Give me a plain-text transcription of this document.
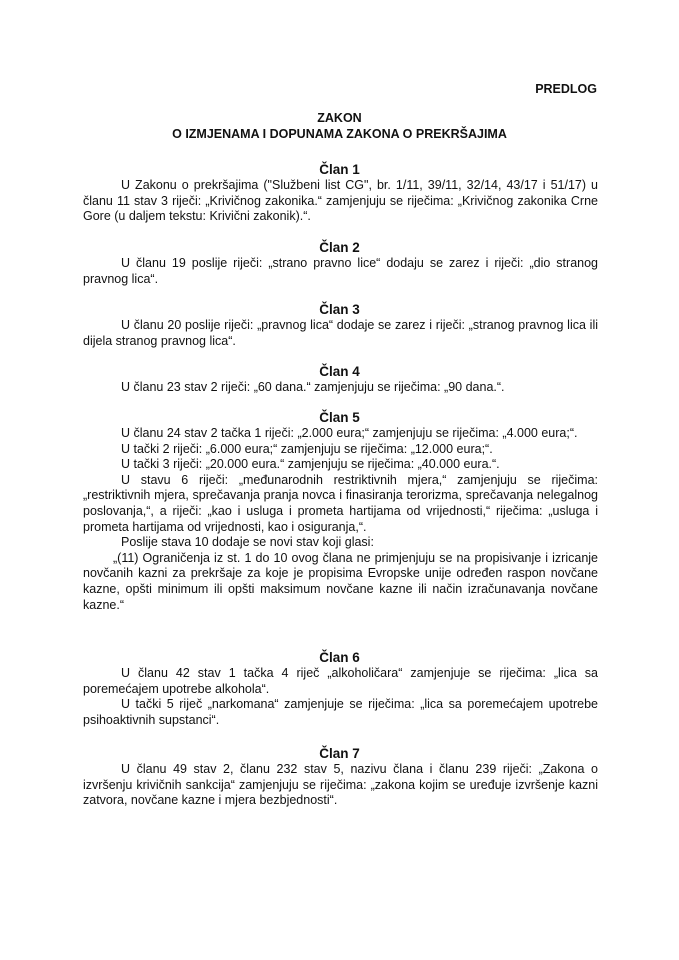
PREDLOG
ZAKON
O IZMJENAMA I DOPUNAMA ZAKONA O PREKRŠAJIMA
Član 1

U Zakonu o prekršajima ("Službeni list CG", br. 1/11, 39/11, 32/14, 43/17 i 51/17) u članu 11 stav 3 riječi: „Krivičnog zakonika.“ zamjenjuju se riječima: „Krivičnog zakonika Crne Gore (u daljem tekstu: Krivični zakonik).“.

Član 2

U članu 19 poslije riječi: „strano pravno lice“ dodaju se zarez i riječi: „dio stranog pravnog lica“.

Član 3

U članu 20 poslije riječi: „pravnog lica“ dodaje se zarez i riječi: „stranog pravnog lica ili dijela stranog pravnog lica“.

Član 4

U članu 23 stav 2 riječi: „60 dana.“ zamjenjuju se riječima: „90 dana.“.

Član 5

U članu 24 stav 2 tačka 1 riječi: „2.000 eura;“ zamjenjuju se riječima: „4.000 eura;“.

U tački 2 riječi: „6.000 eura;“ zamjenjuju se riječima: „12.000 eura;“.

U tački 3 riječi: „20.000 eura.“ zamjenjuju se riječima: „40.000 eura.“.

U stavu 6 riječi: „međunarodnih restriktivnih mjera,“ zamjenjuju se riječima: „restriktivnih mjera, sprečavanja pranja novca i finasiranja terorizma, sprečavanja nelegalnog poslovanja,“, a riječi: „kao i usluga i prometa hartijama od vrijednosti,“ riječima: „usluga i prometa hartijama od vrijednosti, kao i osiguranja,“.

Poslije stava 10 dodaje se novi stav koji glasi:

„(11) Ograničenja iz st. 1 do 10 ovog člana ne primjenjuju se na propisivanje i izricanje novčanih kazni za prekršaje za koje je propisima Evropske unije određen raspon novčane kazne, opšti minimum ili opšti maksimum novčane kazne ili način izračunavanja novčane kazne.“

Član 6

U članu 42 stav 1 tačka 4 riječ „alkoholičara“ zamjenjuje se riječima: „lica sa poremećajem upotrebe alkohola“.

U tački 5 riječ „narkomana“ zamjenjuje se riječima: „lica sa poremećajem upotrebe psihoaktivnih supstanci“.

Član 7

U članu 49 stav 2, članu 232 stav 5, nazivu člana i članu 239 riječi: „Zakona o izvršenju krivičnih sankcija“ zamjenjuju se riječima: „zakona kojim se uređuje izvršenje kazni zatvora, novčane kazne i mjera bezbjednosti“.
